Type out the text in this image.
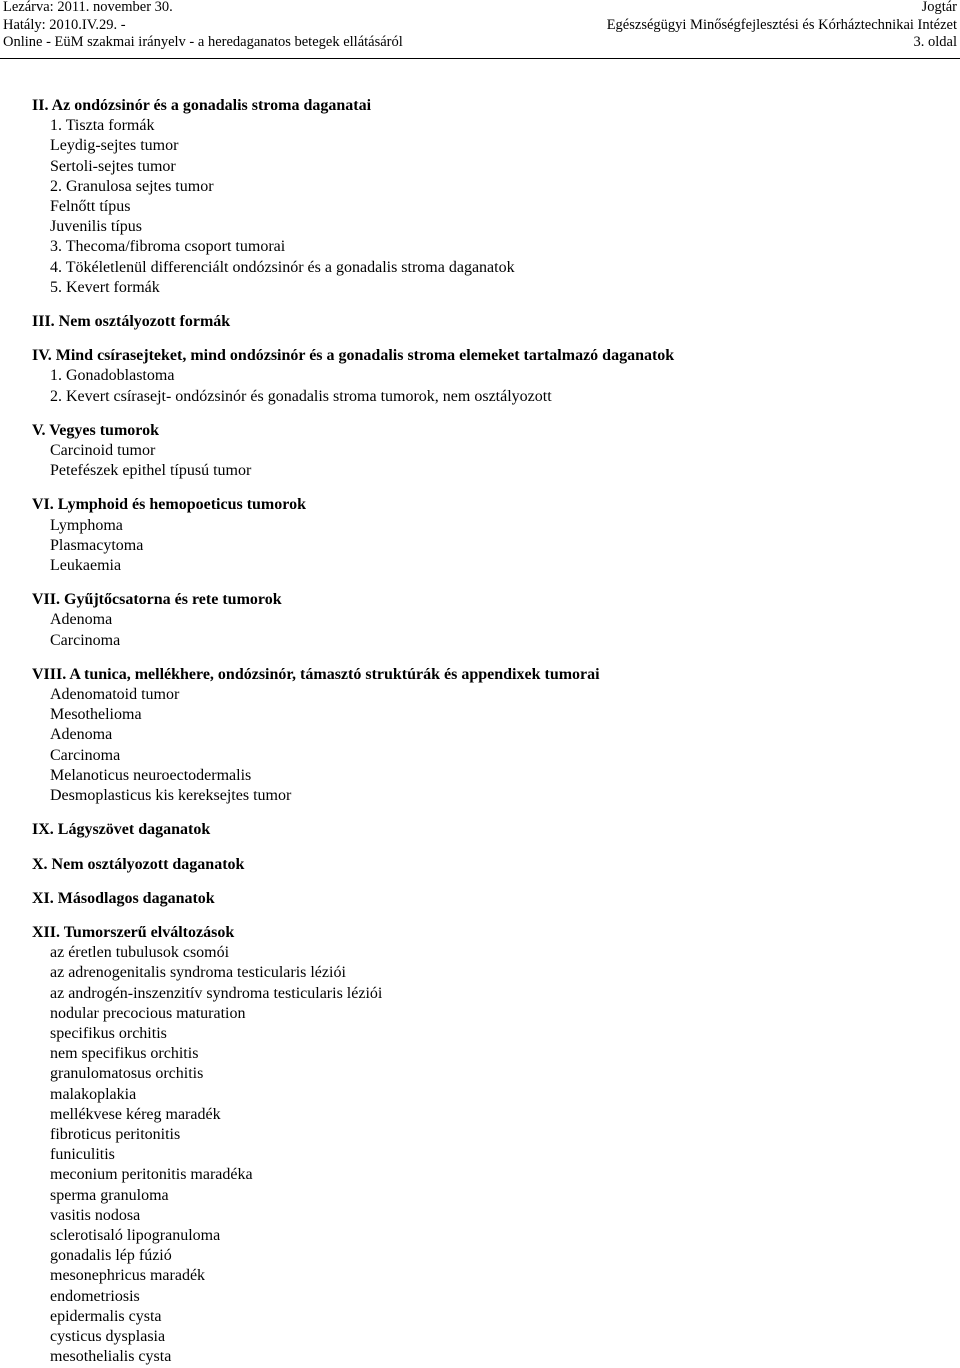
Lezárva: 2011. november 30.
Hatály: 2010.IV.29. -
Online - EüM szakmai irányelv - a heredaganatos betegek ellátásáról
Jogtár
Egészségügyi Minőségfejlesztési és Kórháztechnikai Intézet
3. oldal
II. Az ondózsinór és a gonadalis stroma daganatai
1. Tiszta formák
Leydig-sejtes tumor
Sertoli-sejtes tumor
2. Granulosa sejtes tumor
Felnőtt típus
Juvenilis típus
3. Thecoma/fibroma csoport tumorai
4. Tökéletlenül differenciált ondózsinór és a gonadalis stroma daganatok
5. Kevert formák
III. Nem osztályozott formák
IV. Mind csírasejteket, mind ondózsinór és a gonadalis stroma elemeket tartalmazó daganatok
1. Gonadoblastoma
2. Kevert csírasejt- ondózsinór és gonadalis stroma tumorok, nem osztályozott
V. Vegyes tumorok
Carcinoid tumor
Petefészek epithel típusú tumor
VI. Lymphoid és hemopoeticus tumorok
Lymphoma
Plasmacytoma
Leukaemia
VII. Gyűjtőcsatorna és rete tumorok
Adenoma
Carcinoma
VIII. A tunica, mellékhere, ondózsinór, támasztó struktúrák és appendixek tumorai
Adenomatoid tumor
Mesothelioma
Adenoma
Carcinoma
Melanoticus neuroectodermalis
Desmoplasticus kis kereksejtes tumor
IX. Lágyszövet daganatok
X. Nem osztályozott daganatok
XI. Másodlagos daganatok
XII. Tumorszerű elváltozások
az éretlen tubulusok csomói
az adrenogenitalis syndroma testicularis léziói
az androgén-inszenzitív syndroma testicularis léziói
nodular precocious maturation
specifikus orchitis
nem specifikus orchitis
granulomatosus orchitis
malakoplakia
mellékvese kéreg maradék
fibroticus peritonitis
funiculitis
meconium peritonitis maradéka
sperma granuloma
vasitis nodosa
sclerotisaló lipogranuloma
gonadalis lép fúzió
mesonephricus maradék
endometriosis
epidermalis cysta
cysticus dysplasia
mesothelialis cysta
